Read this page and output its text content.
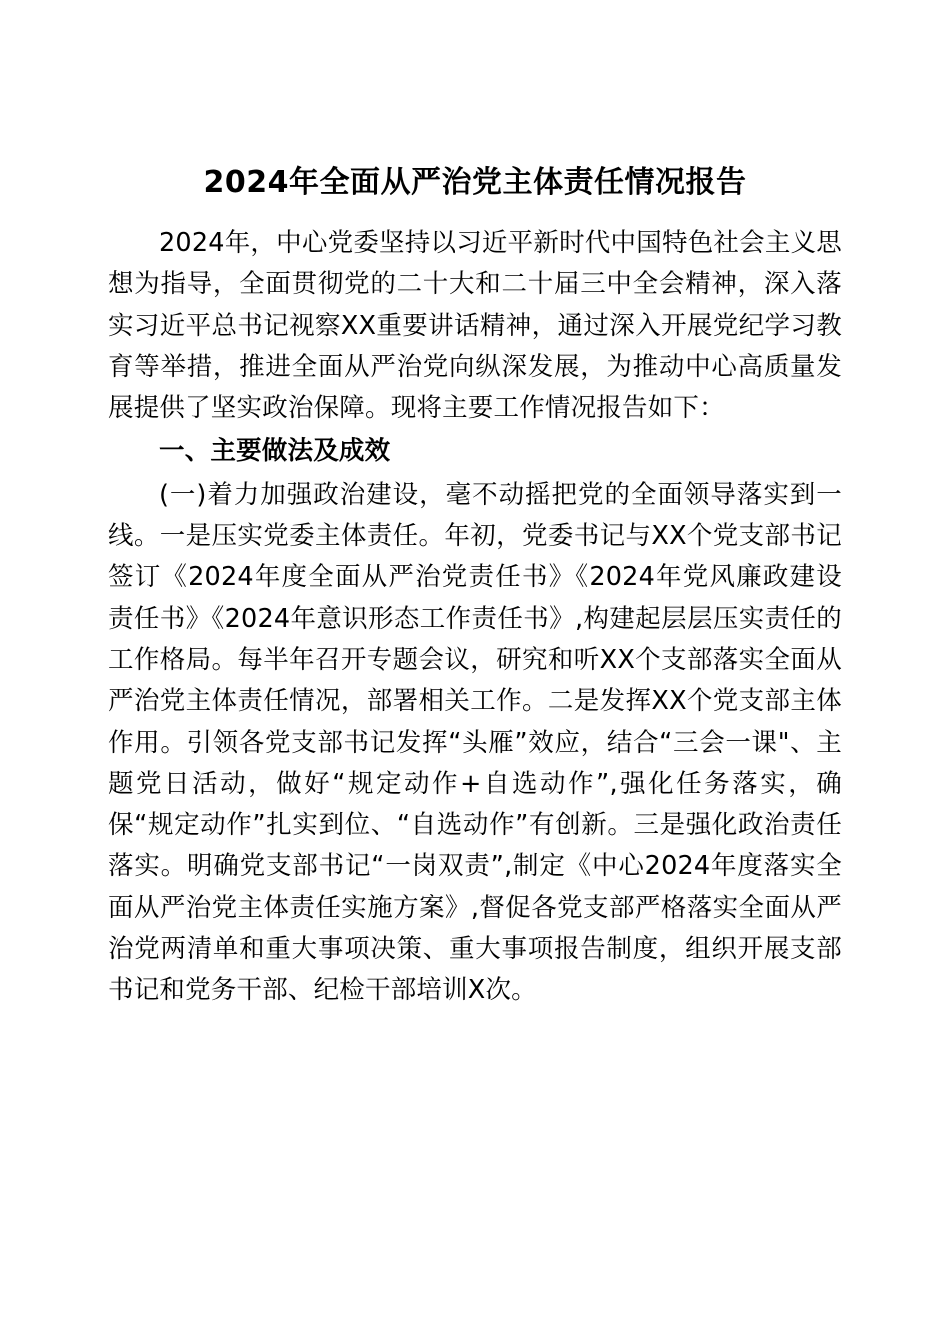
2024年全面从严治党主体责任情况报告

2024年，中心党委坚持以习近平新时代中国特色社会主义思想为指导，全面贯彻党的二十大和二十届三中全会精神，深入落实习近平总书记视察XX重要讲话精神，通过深入开展党纪学习教育等举措，推进全面从严治党向纵深发展，为推动中心高质量发展提供了坚实政治保障。现将主要工作情况报告如下：

一、主要做法及成效

(一)着力加强政治建设，毫不动摇把党的全面领导落实到一线。一是压实党委主体责任。年初，党委书记与XX个党支部书记签订《2024年度全面从严治党责任书》《2024年党风廉政建设责任书》《2024年意识形态工作责任书》,构建起层层压实责任的工作格局。每半年召开专题会议，研究和听XX个支部落实全面从严治党主体责任情况，部署相关工作。二是发挥XX个党支部主体作用。引领各党支部书记发挥“头雁”效应，结合“三会一课"、主题党日活动，做好“规定动作+自选动作”,强化任务落实，确保“规定动作”扎实到位、“自选动作”有创新。三是强化政治责任落实。明确党支部书记“一岗双责”,制定《中心2024年度落实全面从严治党主体责任实施方案》,督促各党支部严格落实全面从严治党两清单和重大事项决策、重大事项报告制度，组织开展支部书记和党务干部、纪检干部培训X次。
